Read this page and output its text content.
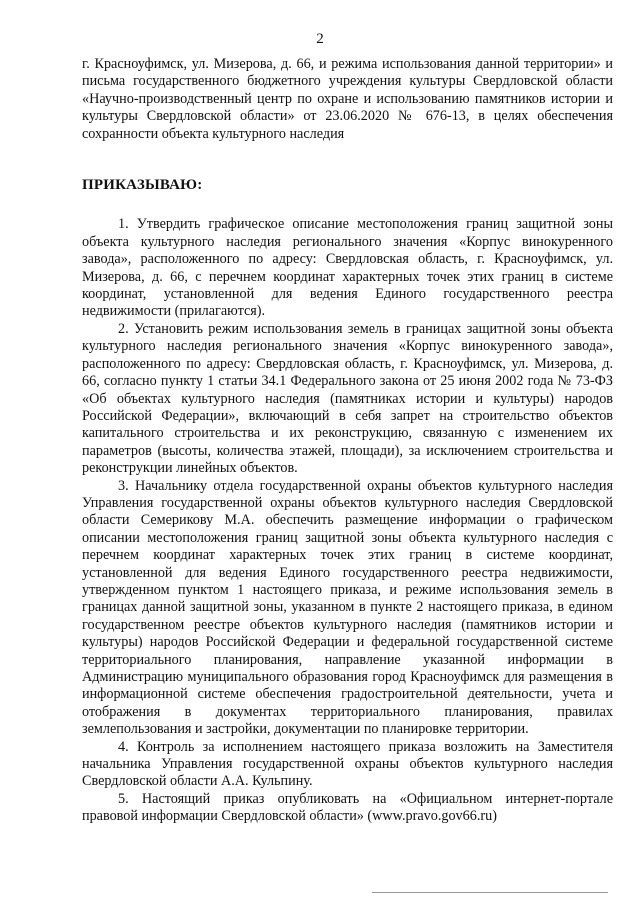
2

г. Красноуфимск, ул. Мизерова, д. 66, и режима использования данной территории» и письма государственного бюджетного учреждения культуры Свердловской области «Научно-производственный центр по охране и использованию памятников истории и культуры Свердловской области» от 23.06.2020 № 676-13, в целях обеспечения сохранности объекта культурного наследия

ПРИКАЗЫВАЮ:

1. Утвердить графическое описание местоположения границ защитной зоны объекта культурного наследия регионального значения «Корпус винокуренного завода», расположенного по адресу: Свердловская область, г. Красноуфимск, ул. Мизерова, д. 66, с перечнем координат характерных точек этих границ в системе координат, установленной для ведения Единого государственного реестра недвижимости (прилагаются).

2. Установить режим использования земель в границах защитной зоны объекта культурного наследия регионального значения «Корпус винокуренного завода», расположенного по адресу: Свердловская область, г. Красноуфимск, ул. Мизерова, д. 66, согласно пункту 1 статьи 34.1 Федерального закона от 25 июня 2002 года № 73-ФЗ «Об объектах культурного наследия (памятниках истории и культуры) народов Российской Федерации», включающий в себя запрет на строительство объектов капитального строительства и их реконструкцию, связанную с изменением их параметров (высоты, количества этажей, площади), за исключением строительства и реконструкции линейных объектов.

3. Начальнику отдела государственной охраны объектов культурного наследия Управления государственной охраны объектов культурного наследия Свердловской области Семерикову М.А. обеспечить размещение информации о графическом описании местоположения границ защитной зоны объекта культурного наследия с перечнем координат характерных точек этих границ в системе координат, установленной для ведения Единого государственного реестра недвижимости, утвержденном пунктом 1 настоящего приказа, и режиме использования земель в границах данной защитной зоны, указанном в пункте 2 настоящего приказа, в едином государственном реестре объектов культурного наследия (памятников истории и культуры) народов Российской Федерации и федеральной государственной системе территориального планирования, направление указанной информации в Администрацию муниципального образования город Красноуфимск для размещения в информационной системе обеспечения градостроительной деятельности, учета и отображения в документах территориального планирования, правилах землепользования и застройки, документации по планировке территории.

4. Контроль за исполнением настоящего приказа возложить на Заместителя начальника Управления государственной охраны объектов культурного наследия Свердловской области А.А. Кульпину.

5. Настоящий приказ опубликовать на «Официальном интернет-портале правовой информации Свердловской области» (www.pravo.gov66.ru)
